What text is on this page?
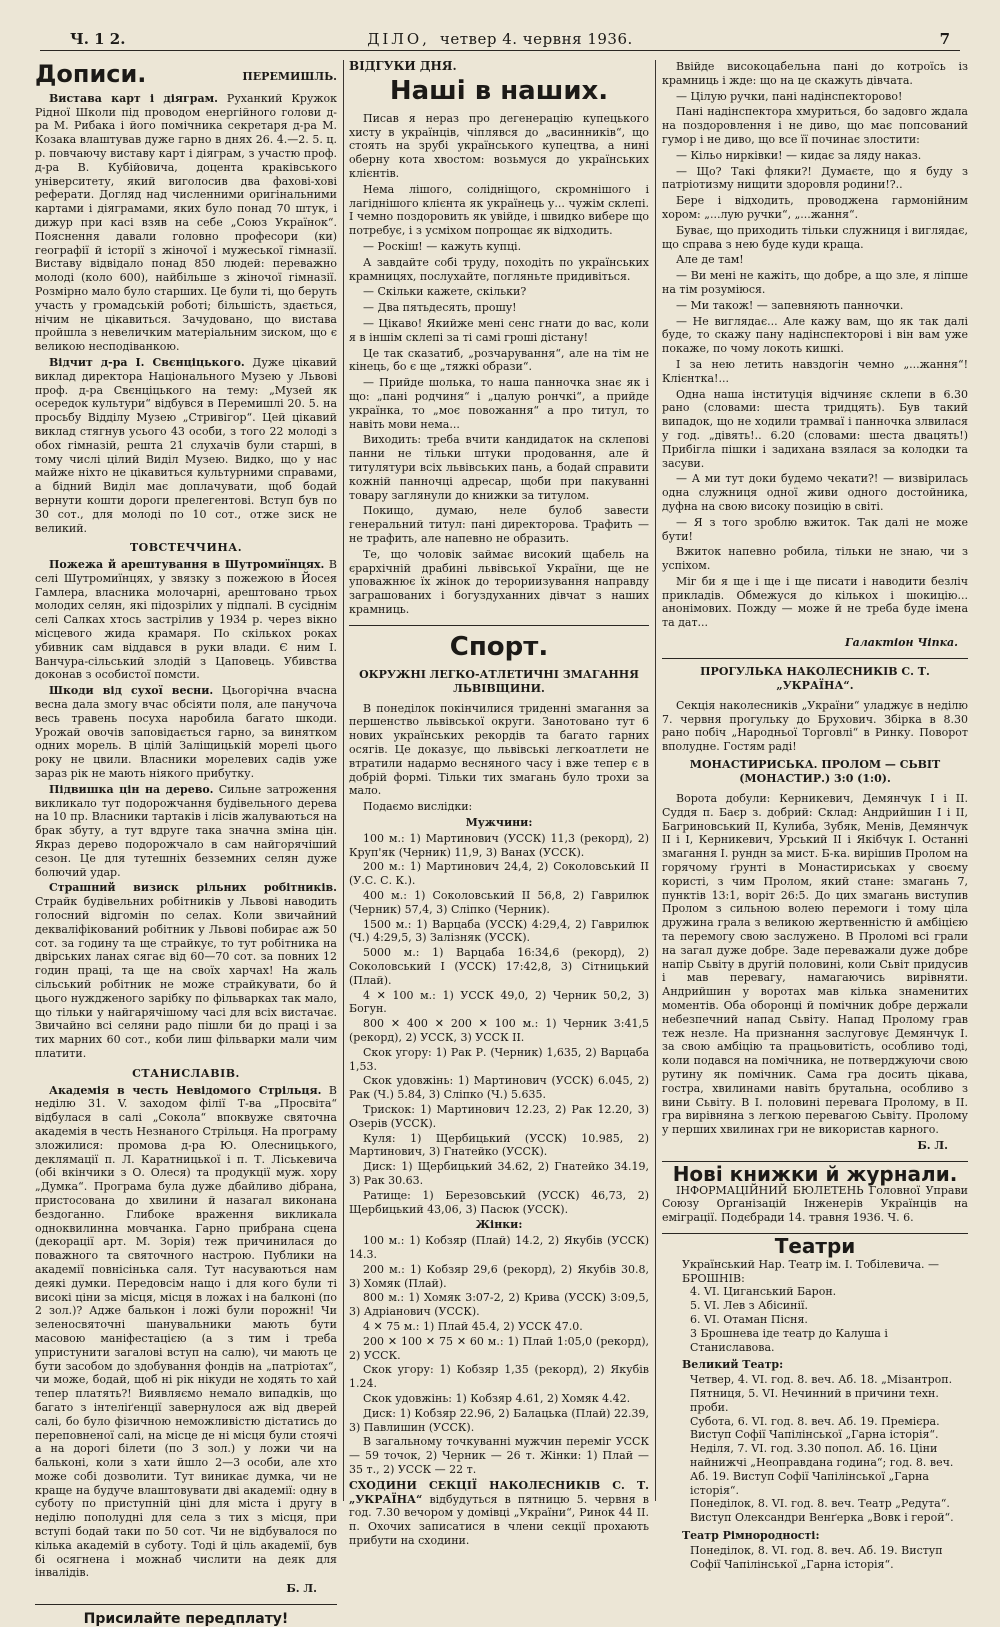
Ч. 1 2.	ДІЛО, четвер 4. червня 1936.	7
Дописи.	ПЕРЕМИШЛЬ.

Вистава карт і діяграм. Руханкий Кружок Рідної Школи під проводом енергійного голови д-ра М. Рибака і його помічника секретаря д-ра М. Козака влаштував дуже гарно в днях 26. 4.—2. 5. ц. р. повчаючу виставу карт і діяграм, з участю проф. д-ра В. Кубійовича, доцента краківського університету, який виголосив два фахові-хові реферати. Догляд над численними оригінальними картами і діяграмами, яких було понад 70 штук, і дижур при касі взяв на себе „Союз Українок“. Пояснення давали головно професори (ки) географії й історії з жіночої і мужеської гімназії. Виставу відвідало понад 850 людей: переважно молоді (коло 600), найбільше з жіночої гімназії. Розмірно мало було старших. Це були ті, що беруть участь у громадській роботі; більшість, здається, нічим не цікавиться. Зачудовано, що вистава пройшла з невеличким матеріальним зиском, що є великою несподіванкою.

Відчит д-ра І. Свєнціцького. Дуже цікавий виклад директора Національного Музею у Львові проф. д-ра Свєнціцького на тему: „Музей як осередок культури“ відбувся в Перемишлі 20. 5. на просьбу Відділу Музею „Стривігор“. Цей цікавий виклад стягнув усього 43 особи, з того 22 молоді з обох гімназій, решта 21 слухачів були старші, в тому числі цілий Виділ Музею. Видко, що у нас майже ніхто не цікавиться культурними справами, а бідний Виділ має доплачувати, щоб бодай вернути кошти дороги прелегентові. Вступ був по 30 сот., для молоді по 10 сот., отже зиск не великий.

ТОВСТЕЧЧИНА.

Пожежа й арештування в Шутромиїнцях. В селі Шутромиїнцях, у звязку з пожежою в Йосея Гамлера, власника молочарні, арештовано трьох молодих селян, які підозрілих у підпалі. В сусіднім селі Салках хтось застрілив у 1934 р. через вікно місцевого жида крамаря. По скількох роках убивник сам віддався в руки влади. Є ним І. Ванчура-сільський злодій з Цаповець. Убивства доконав з особистої помсти.

Шкоди від сухої весни. Цьогорічна вчасна весна дала змогу вчас обсіяти поля, але панучоча весь травень посуха наробила багато шкоди. Урожай овочів заповідається гарно, за винятком одних морель. В цілій Заліщицькій морелі цього року не цвили. Власники морелевих садів уже зараз рік не мають ніякого прибутку.

Підвишка цін на дерево. Сильне затроження викликало тут подорожчання будівельного дерева на 10 пр. Власники тартаків і лісів жалуваються на брак збуту, а тут вдруге така значна зміна цін. Якраз дерево подорожчало в сам найгорячіший сезон. Це для тутешніх безземних селян дуже болючий удар.

Страшний визиск рільних робітників. Страйк будівельних робітників у Львові наводить голосний відгомін по селах. Коли звичайний декваліфікований робітник у Львові побирає аж 50 сот. за годину та ще страйкує, то тут робітника на двірських ланах сягає від 60—70 сот. за повних 12 годин праці, та ще на своїх харчах! На жаль сільський робітник не може страйкувати, бо й цього нуждженого зарібку по фільварках так мало, що тільки у найгарячішому часі для всіх вистачає. Звичайно всі селяни радо пішли би до праці і за тих марних 60 сот., коби лиш фільварки мали чим платити.

СТАНИСЛАВІВ.

Академія в честь Невідомого Стрільця. В неділю 31. V. заходом філії Т-ва „Просвіта“ відбулася в салі „Сокола“ впоквуже святочна академія в честь Незнаного Стрільця. На програму зложилися: промова д-ра Ю. Олесницького, деклямації п. Л. Каратницької і п. Т. Ліськевича (обі вкінчики з О. Олеся) та продукції муж. хору „Думка“. Програма була дуже дбайливо дібрана, пристосована до хвилини й назагал виконана бездоганно. Глибоке враження викликала одноквилинна мовчанка. Гарно прибрана сцена (декорації арт. М. Зорія) теж причинилася до поважного та святочного настрою. Публики на академії повнісінька саля. Тут насуваються нам деякі думки. Передовсім нащо і для кого були ті високі ціни за місця, місця в ложах і на балконі (по 2 зол.)? Адже балькон і ложі були порожні! Чи зеленосвяточні шанувальники мають бути масовою маніфестацією (а з тим і треба упристунити загалові вступ на салю), чи мають це бути засобом до здобування фондів на „патріотах“, чи може, бодай, щоб ні рік нікуди не ходять то хай тепер платять?! Виявляємо немало випадків, що багато з інтеліґенції завернулося аж від дверей салі, бо було фізичною неможливістю дістатись до переповненої салі, на місце де ні місця були стоячі а на дорогі білети (по 3 зол.) у ложи чи на бальконі, коли з хати йшло 2—3 особи, але хто може собі дозволити. Тут виникає думка, чи не краще на будуче влаштовувати дві академії: одну в суботу по приступній ціні для міста і другу в неділю пополудні для села з тих з місця, при вступі бодай таки по 50 сот. Чи не відбувалося по кілька академій в суботу. Тоді й ціль академії, був бі осягнена і можнаб числити на деяк для інвалідів.

Б. Л.
Присилайте передплату!
ВІДГУКИ ДНЯ.
Наші в наших.

Писав я нераз про дегенерацію купецького хисту в українців, чіплявся до „васинників“, що стоять на зрубі українського купецтва, а нині оберну кота хвостом: возьмуся до українських клієнтів.

Нема лішого, солідніщого, скромнішого і лагіднішого клієнта як українець у... чужім склепі. І чемно поздоровить як увійде, і швидко вибере що потребує, і з усміхом попрощає як відходить.

— Роскіш! — кажуть купці.

А завдайте собі труду, походіть по українських крамницях, послухайте, погляньте придивіться.

— Скільки кажете, скільки?

— Два пятьдесять, прошу!

— Цікаво! Якийже мені сенс гнати до вас, коли я в іншім склепі за ті самі гроші дістану!

Це так сказатиб, „розчарування“, але на тім не кінець, бо є ще „тяжкі образи“.

— Прийде шолька, то наша панночка знає як і що: „пані родчиня“ і „цалую рончкі“, а прийде українка, то „моє повожання“ а про титул, то навіть мови нема...

Виходить: треба вчити кандидаток на склепові панни не тільки штуки продовання, але й титулятури всіх львівських пань, а бодай спрaвити кожній панночці адресар, щоби при пакуванні товару заглянули до книжки за титулом.

Покищо, думаю, неле булоб завести генеральний титул: пані директорова. Трафить — не трафить, але напевно не образить.

Те, що чоловік займає високий щабель на єрархічній драбині львівської України, ще не уповажнює їх жінок до терориизування направду заграшованих і богуздуханних дівчат з наших крамниць.

Спорт.
ОКРУЖНІ ЛЕГКО-АТЛЕТИЧНІ ЗМАГАННЯ ЛЬВІВЩИНИ.

В понеділок покінчилися триденні змагання за першенство львівської округи. Занотовано тут 6 нових українських рекордів та багато гарних осягів. Це доказує, що львівські легкоатлети не втратили надармо весняного часу і вже тепер є в добрій формі. Тільки тих змагань було трохи за мало.

Подаємо вислідки:

Мужчини:
100 м.: 1) Мартинович (УССК) 11,3 (рекорд), 2) Круп'як (Черник) 11,9, 3) Ванах (УССК).
200 м.: 1) Мартинович 24,4, 2) Соколовський ІІ (У.С. С. К.).
400 м.: 1) Соколовський ІІ 56,8, 2) Гаврилюк (Черник) 57,4, 3) Сліпко (Черник).
1500 м.: 1) Варцаба (УССК) 4:29,4, 2) Гаврилюк (Ч.) 4:29,5, 3) Залізняк (УССК).
5000 м.: 1) Варцаба 16:34,6 (рекорд), 2) Соколовський І (УССК) 17:42,8, 3) Сітницький (Плай).
4 ✕ 100 м.: 1) УССК 49,0, 2) Черник 50,2, 3) Богун.
800 ✕ 400 ✕ 200 ✕ 100 м.: 1) Черник 3:41,5 (рекорд), 2) УССК, 3) УССК ІІ.
Скок угору: 1) Рак Р. (Черник) 1,635, 2) Варцаба 1,53.
Скок удовжінь: 1) Мартинович (УССК) 6.045, 2) Рак (Ч.) 5.84, 3) Сліпко (Ч.) 5.635.
Трискок: 1) Мартинович 12.23, 2) Рак 12.20, 3) Озерів (УССК).
Куля: 1) Щербицький (УССК) 10.985, 2) Мартинович, 3) Гнатейко (УССК).
Диск: 1) Щербицький 34.62, 2) Гнатейко 34.19, 3) Рак 30.63.
Ратище: 1) Березовський (УССК) 46,73, 2) Щербицький 43,06, 3) Пасюк (УССК).
Жінки:
100 м.: 1) Кобзяр (Плай) 14.2, 2) Якубів (УССК) 14.3.
200 м.: 1) Кобзяр 29,6 (рекорд), 2) Якубів 30.8, 3) Хомяк (Плай).
800 м.: 1) Хомяк 3:07-2, 2) Крива (УССК) 3:09,5, 3) Адріанович (УССК).
4 ✕ 75 м.: 1) Плай 45.4, 2) УССК 47.0.
200 ✕ 100 ✕ 75 ✕ 60 м.: 1) Плай 1:05,0 (рекорд), 2) УССК.
Скок угору: 1) Кобзяр 1,35 (рекорд), 2) Якубів 1.24.
Скок удовжінь: 1) Кобзяр 4.61, 2) Хомяк 4.42.
Диск: 1) Кобзяр 22.96, 2) Балацька (Плай) 22.39, 3) Павлишин (УССК).

В загальному точкуванні мужчин переміг УССК — 59 точок, 2) Черник — 26 т. Жінки: 1) Плай — 35 т., 2) УССК — 22 т.

СХОДИНИ СЕКЦІЇ НАКОЛЕСНИКІВ С. Т. „УКРАЇНА“ відбудуться в пятницю 5. червня в год. 7.30 вечором у домівці „України“, Ринок 44 ІІ. п. Охочих записатися в члени секції прохають прибути на сходини.

Ввійде високоцабельна пані до котроїсь із крамниць і жде: що на це скажуть дівчата.

— Цілую ручки, пані надінспекторовo!

Пані надінспектора хмуриться, бо задовго ждала на поздоровлення і не диво, що має попсований гумор і не диво, що все її починає злостити:

— Кільо нирківки! — кидає за ляду наказ.

— Що? Такі фляки?! Думаєте, що я буду з патріотизму нищити здоровля родини!?..

Бере і відходить, проводжена гармонійним хором: „...лую ручки“, „...жання“.

Буває, що приходить тільки служниця і виглядає, що справа з нею буде куди краща.

Але де там!

— Ви мені не кажіть, що добре, а що зле, я ліпше на тім розуміюся.

— Ми також! — запевняють панночки.

— Не виглядає... Але кажу вам, що як так далі буде, то скажу пану надінспекторові і він вам уже покаже, по чому локоть кишкі.

І за нею летить навздогін чемно „...жання“! Клієнтка!...

Одна наша інституція відчиняє склепи в 6.30 рано (словами: шеста тридцять). Був такий випадок, що не ходили трамваї і панночка злвилася у год. „дівять!.. 6.20 (словами: шеста двацять!) Прибігла пішки і задихана взялася за колодки та засуви.

— А ми тут доки будемо чекати?! — визвірилась одна служниця одної живи одного достойника, дуфна на свою високу позицію в світі.

— Я з того зроблю вжиток. Так далі не може бути!

Вжиток напевно робила, тільки не знаю, чи з успіхом.

Міг би я ще і ще і ще писати і наводити безліч прикладів. Обмежуся до кількох і шокицію... анонімових. Пожду — може й не треба буде імена та дат...

Галактіон Чіпка.
ПРОГУЛЬКА НАКОЛЕСНИКІВ С. Т. „УКРАЇНА“.

Секція наколесників „України“ уладжує в неділю 7. червня прогульку до Брухович. Збірка в 8.30 рано побіч „Народньої Торговлі“ в Ринку. Поворот вполудне. Гостям раді!

МОНАСТИРИСЬКА. ПРОЛОМ — СЬВІТ (МОНАСТИР.) 3:0 (1:0).

Ворота добули: Керникевич, Демянчук І і ІІ. Суддя п. Баєр з. добрий: Склад: Андрийшин І і ІІ, Багриновський ІІ, Кулиба, Зубяк, Менів, Демянчук ІІ і І, Керникевич, Урський ІІ і Якібчук І. Останні змагання І. рундн за мист. Б-ка. вирішив Пролом на горячому ґрунті в Монастириськах у своєму користі, з чим Пролом, який стане: змагань 7, пунктів 13:1, воріт 26:5. До цих змагань виступив Пролом з сильною волею перемоги і тому ціла дружина грала з великою жертвенністю й амбіцією та перемогу свою заслужено. В Проломі всі грали на загал дуже добре. Заде переважали дуже добре напір Сьвіту в другій половині, коли Сьвіт придусив і мав перевагу, намагаючись вирівняти. Андрийшин у воротах мав кількa знаменитих моментів. Оба оборонці й помічник добре держали небезпечний напад Сьвіту. Напад Пролому грав теж незле. На признання заслуговує Демянчук І. за свою амбіцію та працьовитість, особливо тоді, коли подався на помічника, не потверджуючи свою рутину як помічник. Сама гра досить цікава, гостра, хвилинами навіть брутальна, особливо з вини Сьвіту. В І. половині перевага Пролому, в ІІ. гра вирівняна з легкою перевагою Сьвіту. Пролому у перших хвилинах гри не використав карного.

Б. Л.
Нові книжки й журнали.

ІНФОРМАЦІЙНИЙ БЮЛЕТЕНЬ Головної Управи Союзу Організацій Інженерів Українців на еміграції. Подєбради 14. травня 1936. Ч. 6.

Театри
Український Нар. Театр ім. І. Тобілевича. — БРОШНІВ:
4. VI. Циганський Барон.
5. VI. Лев з Абісинії.
6. VI. Отаман Пісня.
3 Брошнева іде театр до Калуша і Станиславова.
Великий Театр:
Четвер, 4. VI. год. 8. веч. Аб. 18. „Мізантроп.
Пятниця, 5. VI. Нечинний в причини техн. проби.
Субота, 6. VI. год. 8. веч. Аб. 19. Премієра. Виступ Софії Чапілінської „Гарна історія“.
Неділя, 7. VI. год. 3.30 попол. Аб. 16. Ціни найнижчі „Неоправдана година“; год. 8. веч. Аб. 19. Виступ Софії Чапілінської „Гарна історія“.
Понеділок, 8. VI. год. 8. веч. Театр „Редута“. Виступ Олександри Венґерка „Вовк і герой“.
Театр Рімнородності:
Понеділок, 8. VI. год. 8. веч. Аб. 19. Виступ Софії Чапілінської „Гарна історія“.
